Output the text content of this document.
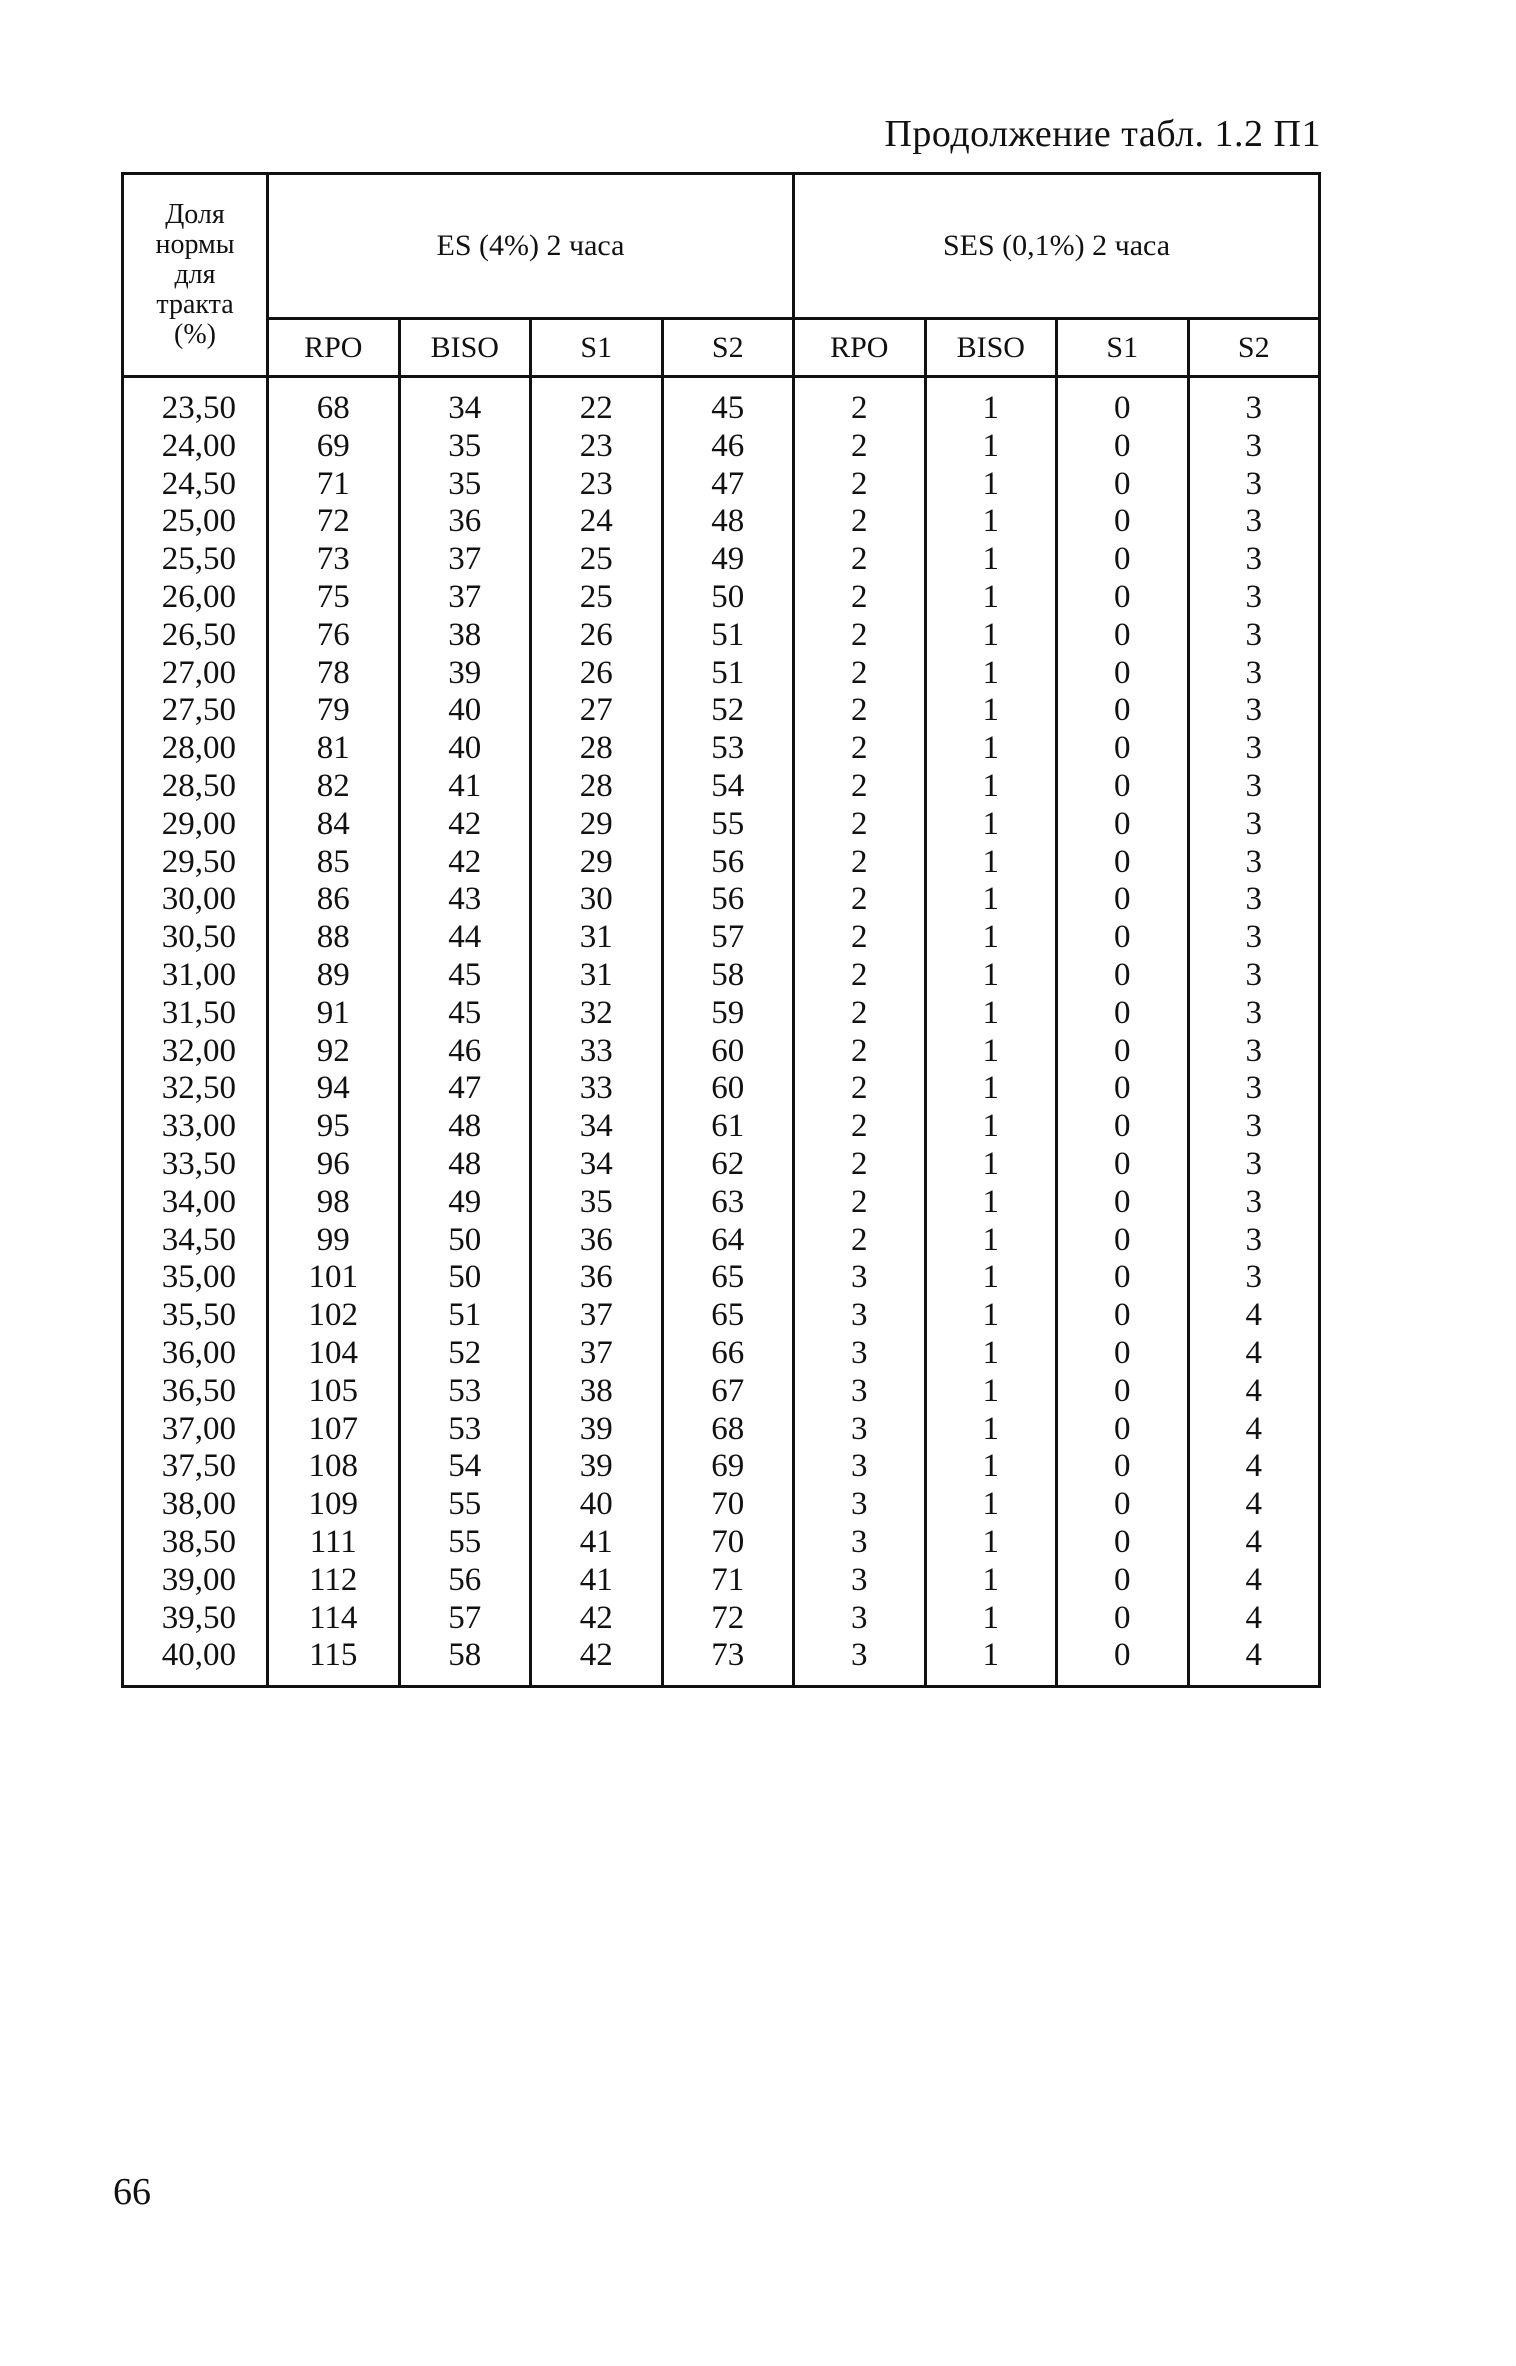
Продолжение табл. 1.2 П1
Доля
нормы
для
тракта
(%)	ES (4%) 2 часа				SES (0,1%) 2 часа			
	RPO	BISO	S1	S2	RPO	BISO	S1	S2
23,50	68	34	22	45	2	1	0	3
24,00	69	35	23	46	2	1	0	3
24,50	71	35	23	47	2	1	0	3
25,00	72	36	24	48	2	1	0	3
25,50	73	37	25	49	2	1	0	3
26,00	75	37	25	50	2	1	0	3
26,50	76	38	26	51	2	1	0	3
27,00	78	39	26	51	2	1	0	3
27,50	79	40	27	52	2	1	0	3
28,00	81	40	28	53	2	1	0	3
28,50	82	41	28	54	2	1	0	3
29,00	84	42	29	55	2	1	0	3
29,50	85	42	29	56	2	1	0	3
30,00	86	43	30	56	2	1	0	3
30,50	88	44	31	57	2	1	0	3
31,00	89	45	31	58	2	1	0	3
31,50	91	45	32	59	2	1	0	3
32,00	92	46	33	60	2	1	0	3
32,50	94	47	33	60	2	1	0	3
33,00	95	48	34	61	2	1	0	3
33,50	96	48	34	62	2	1	0	3
34,00	98	49	35	63	2	1	0	3
34,50	99	50	36	64	2	1	0	3
35,00	101	50	36	65	3	1	0	3
35,50	102	51	37	65	3	1	0	4
36,00	104	52	37	66	3	1	0	4
36,50	105	53	38	67	3	1	0	4
37,00	107	53	39	68	3	1	0	4
37,50	108	54	39	69	3	1	0	4
38,00	109	55	40	70	3	1	0	4
38,50	111	55	41	70	3	1	0	4
39,00	112	56	41	71	3	1	0	4
39,50	114	57	42	72	3	1	0	4
40,00	115	58	42	73	3	1	0	4
66
